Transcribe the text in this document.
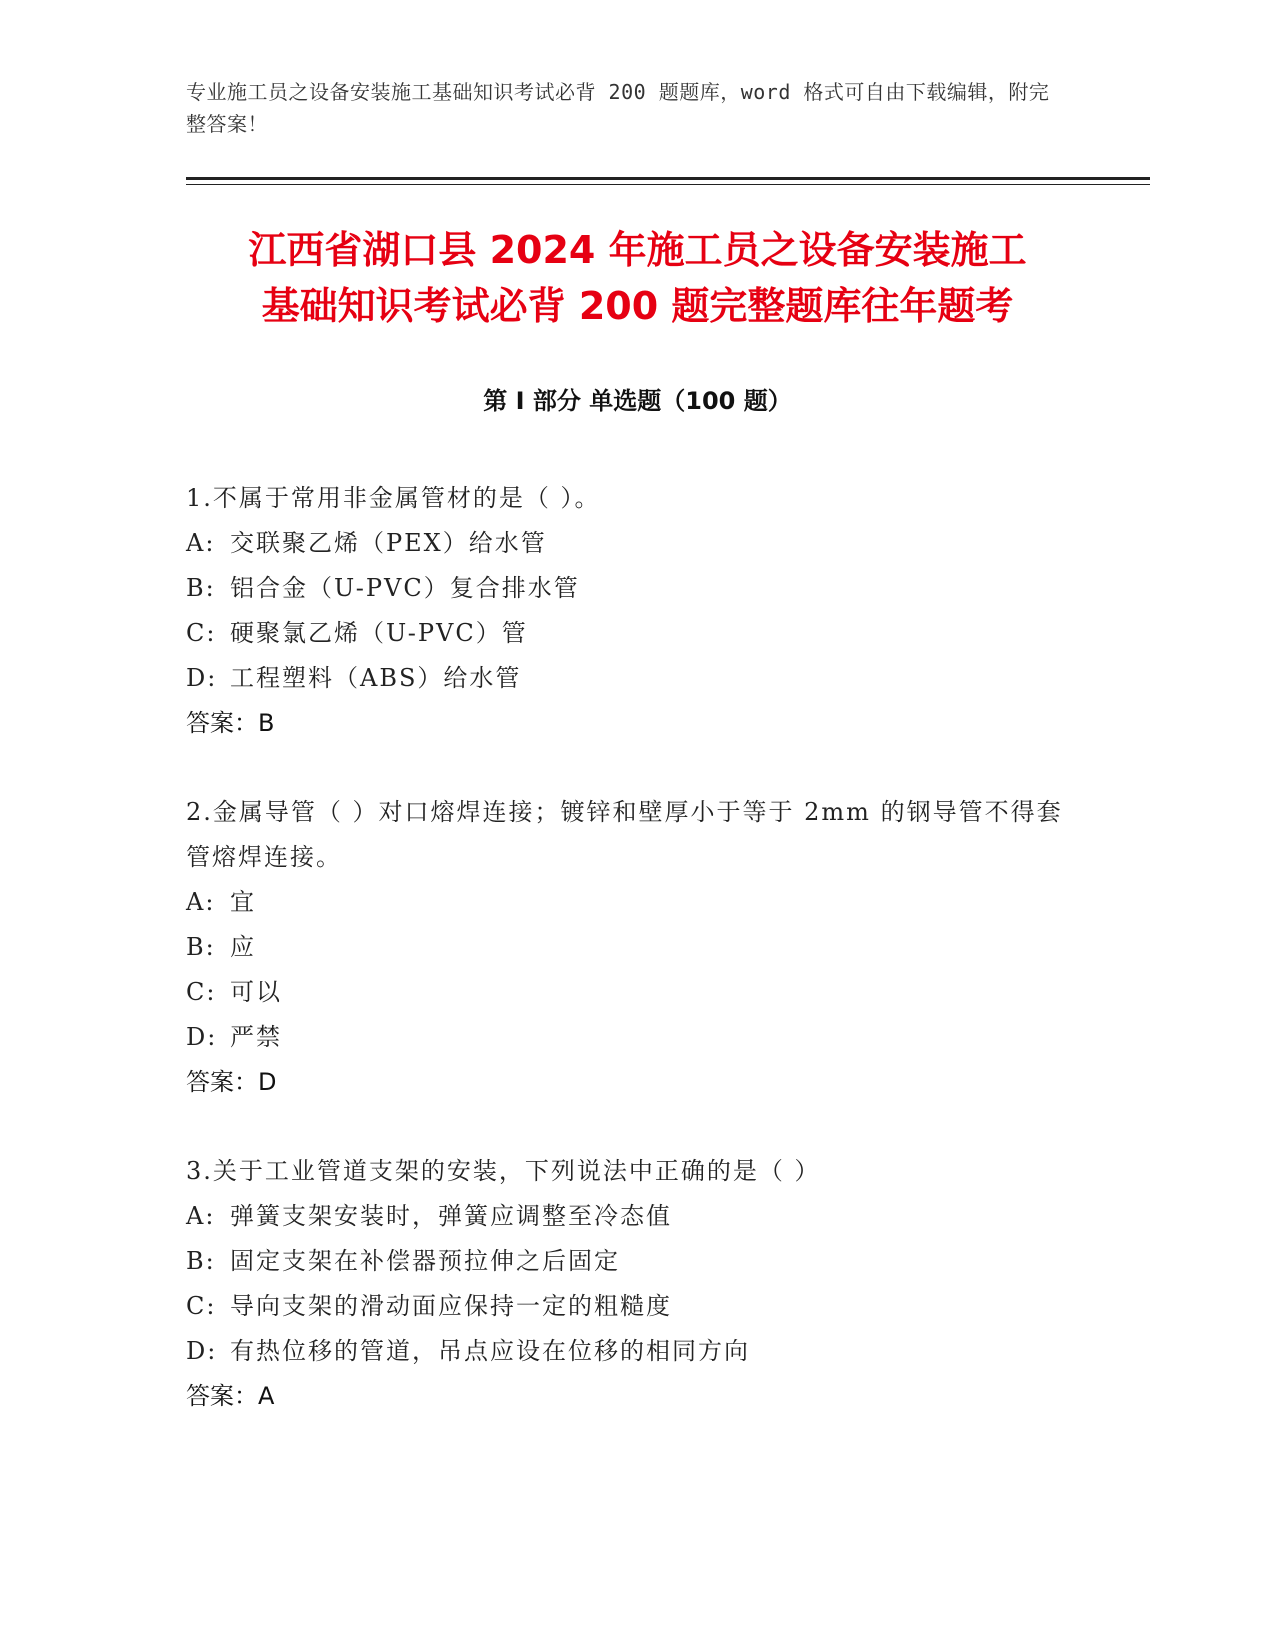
专业施工员之设备安装施工基础知识考试必背 200 题题库，word 格式可自由下载编辑，附完整答案！
江西省湖口县 2024 年施工员之设备安装施工
基础知识考试必背 200 题完整题库往年题考
第 I 部分 单选题（100 题）
1.不属于常用非金属管材的是（ ）。
A: 交联聚乙烯（PEX）给水管
B: 铝合金（U-PVC）复合排水管
C: 硬聚氯乙烯（U-PVC）管
D: 工程塑料（ABS）给水管
答案：B
2.金属导管（ ）对口熔焊连接；镀锌和壁厚小于等于 2mm 的钢导管不得套管熔焊连接。
A: 宜
B: 应
C: 可以
D: 严禁
答案：D
3.关于工业管道支架的安装，下列说法中正确的是（ ）
A: 弹簧支架安装时，弹簧应调整至冷态值
B: 固定支架在补偿器预拉伸之后固定
C: 导向支架的滑动面应保持一定的粗糙度
D: 有热位移的管道，吊点应设在位移的相同方向
答案：A
